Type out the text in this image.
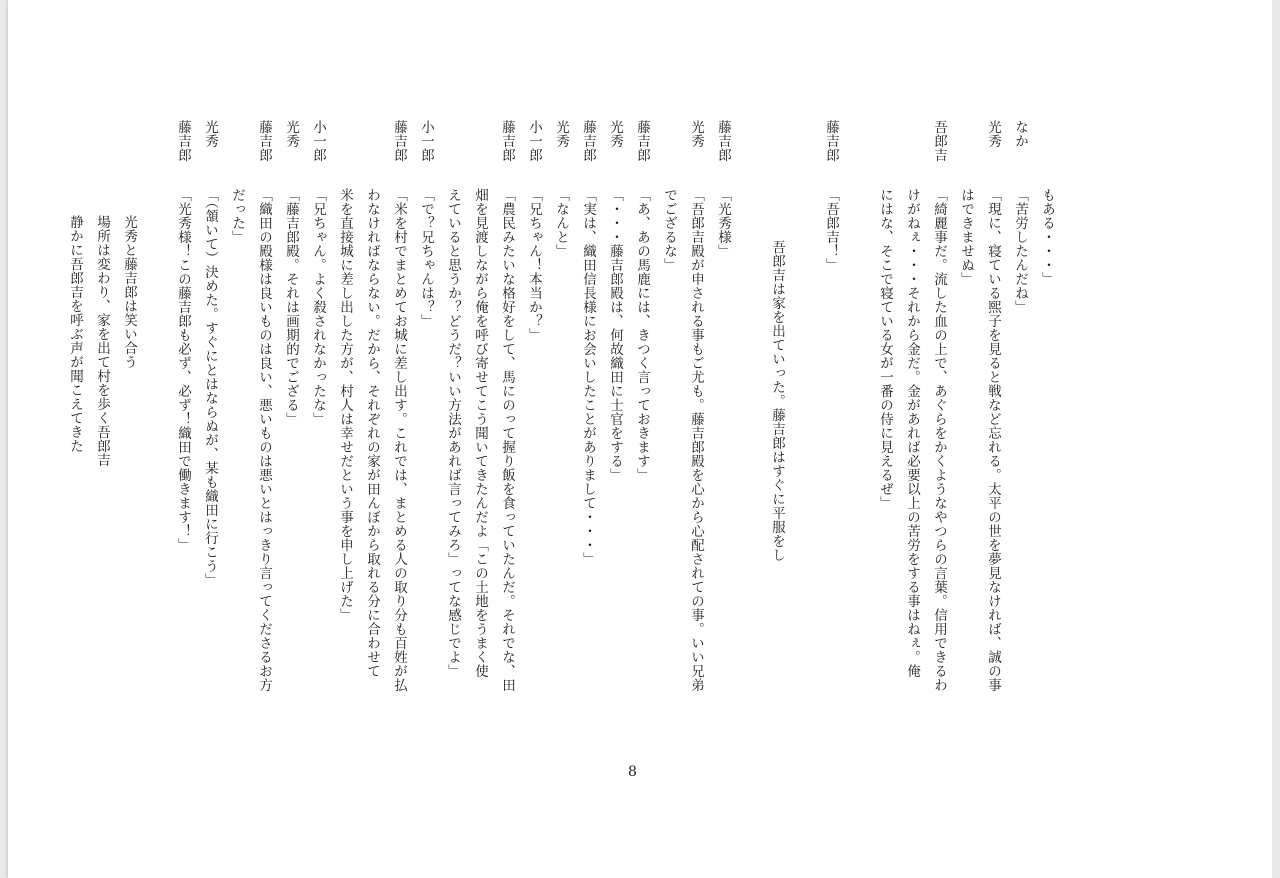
もある・・・」
なか
「苦労したんだね」
光秀
「現に、寝ている煕子を見ると戦など忘れる。太平の世を夢見なければ、誠の事
はできませぬ」
吾郎吉
「綺麗事だ。流した血の上で、あぐらをかくようなやつらの言葉。信用できるわ
けがねぇ・・・それから金だ。金があれば必要以上の苦労をする事はねぇ。俺
にはな、そこで寝ている女が一番の侍に見えるぜ」

藤吉郎
「吾郎吉！」

吾郎吉は家を出ていった。藤吉郎はすぐに平服をし

藤吉郎
「光秀様」
光秀
「吾郎吉殿が申される事もご尤も。藤吉郎殿を心から心配されての事。いい兄弟
でござるな」
藤吉郎
「あ、あの馬鹿には、きつく言っておきます」
光秀
「・・・藤吉郎殿は、何故織田に士官をする」
藤吉郎
「実は、織田信長様にお会いしたことがありまして・・・」
光秀
「なんと」
小一郎
「兄ちゃん！本当か？」
藤吉郎
「農民みたいな格好をして、馬にのって握り飯を食っていたんだ。それでな、田
畑を見渡しながら俺を呼び寄せてこう聞いてきたんだよ「この土地をうまく使
えていると思うか？どうだ？いい方法があれば言ってみろ」ってな感じでよ」
小一郎
「で？兄ちゃんは？」
藤吉郎
「米を村でまとめてお城に差し出す。これでは、まとめる人の取り分も百姓が払
わなければならない。だから、それぞれの家が田んぼから取れる分に合わせて
米を直接城に差し出した方が、村人は幸せだという事を申し上げた」
小一郎
「兄ちゃん。よく殺されなかったな」
光秀
「藤吉郎殿。それは画期的でござる」
藤吉郎
「織田の殿様は良いものは良い、悪いものは悪いとはっきり言ってくださるお方
だった」
光秀
「（頷いて）決めた。すぐにとはならぬが、某も織田に行こう」
藤吉郎
「光秀様！この藤吉郎も必ず、必ず！織田で働きます！」

光秀と藤吉郎は笑い合う
場所は変わり、家を出て村を歩く吾郎吉
静かに吾郎吉を呼ぶ声が聞こえてきた
8
